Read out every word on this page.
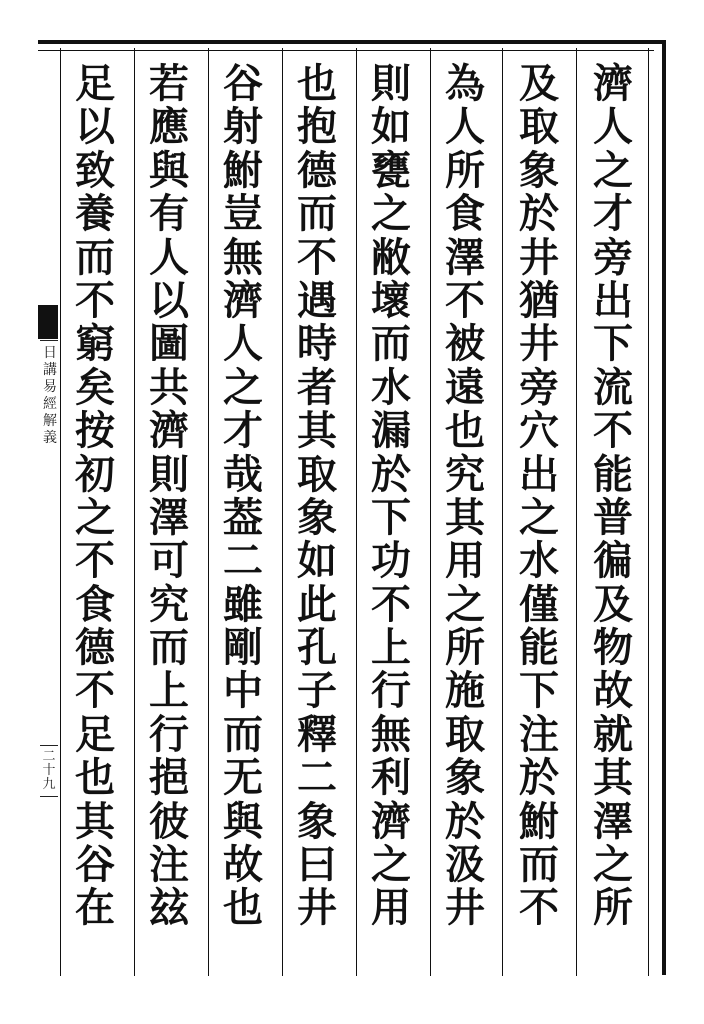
濟
人
之
才
旁
出
下
流
不
能
普
徧
及
物
故
就
其
澤
之
所
及
取
象
於
井
猶
井
旁
穴
出
之
水
僅
能
下
注
於
鮒
而
不
為
人
所
食
澤
不
被
遠
也
究
其
用
之
所
施
取
象
於
汲
井
則
如
甕
之
敝
壞
而
水
漏
於
下
功
不
上
行
無
利
濟
之
用
也
抱
德
而
不
遇
時
者
其
取
象
如
此
孔
子
釋
二
象
曰
井
谷
射
鮒
豈
無
濟
人
之
才
哉
葢
二
雖
剛
中
而
无
與
故
也
若
應
與
有
人
以
圖
共
濟
則
澤
可
究
而
上
行
挹
彼
注
玆
足
以
致
養
而
不
窮
矣
按
初
之
不
食
德
不
足
也
其
谷
在
日
講
易
經
解
義
二
十
九
